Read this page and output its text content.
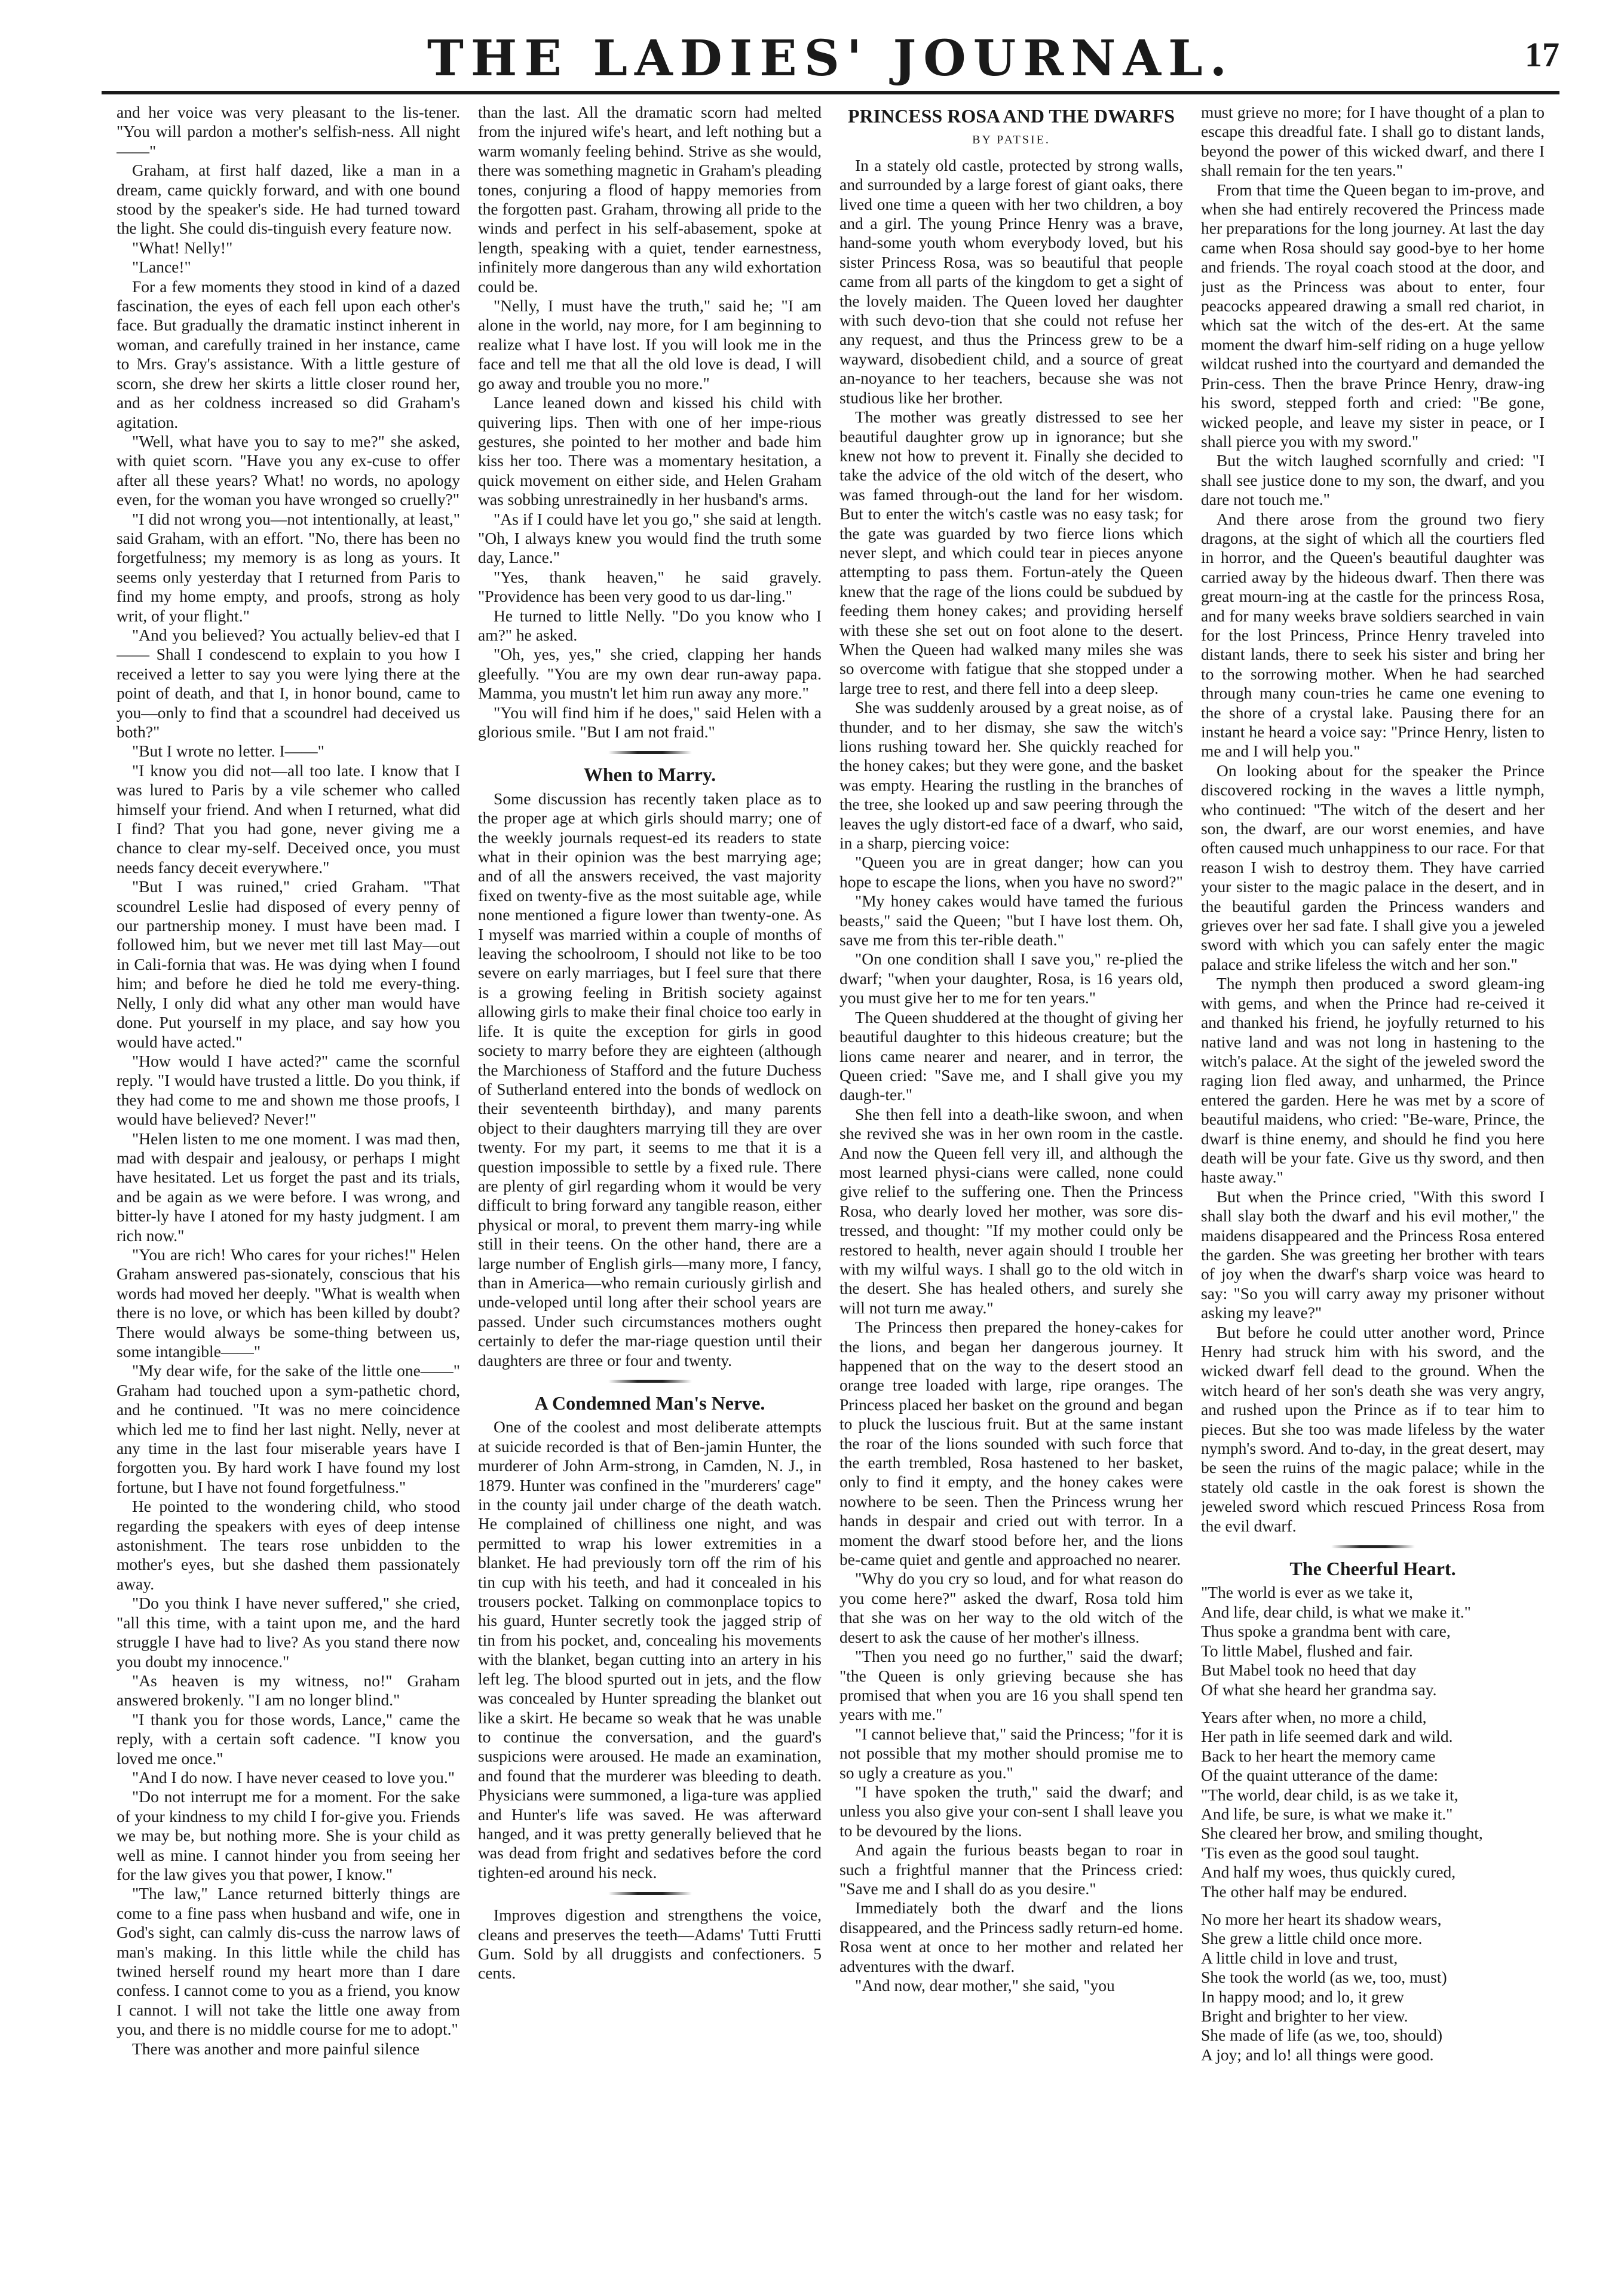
THE LADIES' JOURNAL.	17

and her voice was very pleasant to the lis-tener. "You will pardon a mother's selfish-ness. All night——"

Graham, at first half dazed, like a man in a dream, came quickly forward, and with one bound stood by the speaker's side. He had turned toward the light. She could dis-tinguish every feature now.

"What! Nelly!"

"Lance!"

For a few moments they stood in kind of a dazed fascination, the eyes of each fell upon each other's face. But gradually the dramatic instinct inherent in woman, and carefully trained in her instance, came to Mrs. Gray's assistance. With a little gesture of scorn, she drew her skirts a little closer round her, and as her coldness increased so did Graham's agitation.

"Well, what have you to say to me?" she asked, with quiet scorn. "Have you any ex-cuse to offer after all these years? What! no words, no apology even, for the woman you have wronged so cruelly?"

"I did not wrong you—not intentionally, at least," said Graham, with an effort. "No, there has been no forgetfulness; my memory is as long as yours. It seems only yesterday that I returned from Paris to find my home empty, and proofs, strong as holy writ, of your flight."

"And you believed? You actually believ-ed that I—— Shall I condescend to explain to you how I received a letter to say you were lying there at the point of death, and that I, in honor bound, came to you—only to find that a scoundrel had deceived us both?"

"But I wrote no letter. I——"

"I know you did not—all too late. I know that I was lured to Paris by a vile schemer who called himself your friend. And when I returned, what did I find? That you had gone, never giving me a chance to clear my-self. Deceived once, you must needs fancy deceit everywhere."

"But I was ruined," cried Graham. "That scoundrel Leslie had disposed of every penny of our partnership money. I must have been mad. I followed him, but we never met till last May—out in Cali-fornia that was. He was dying when I found him; and before he died he told me every-thing. Nelly, I only did what any other man would have done. Put yourself in my place, and say how you would have acted."

"How would I have acted?" came the scornful reply. "I would have trusted a little. Do you think, if they had come to me and shown me those proofs, I would have believed? Never!"

"Helen listen to me one moment. I was mad then, mad with despair and jealousy, or perhaps I might have hesitated. Let us forget the past and its trials, and be again as we were before. I was wrong, and bitter-ly have I atoned for my hasty judgment. I am rich now."

"You are rich! Who cares for your riches!" Helen Graham answered pas-sionately, conscious that his words had moved her deeply. "What is wealth when there is no love, or which has been killed by doubt? There would always be some-thing between us, some intangible——"

"My dear wife, for the sake of the little one——" Graham had touched upon a sym-pathetic chord, and he continued. "It was no mere coincidence which led me to find her last night. Nelly, never at any time in the last four miserable years have I forgotten you. By hard work I have found my lost fortune, but I have not found forgetfulness."

He pointed to the wondering child, who stood regarding the speakers with eyes of deep intense astonishment. The tears rose unbidden to the mother's eyes, but she dashed them passionately away.

"Do you think I have never suffered," she cried, "all this time, with a taint upon me, and the hard struggle I have had to live? As you stand there now you doubt my innocence."

"As heaven is my witness, no!" Graham answered brokenly. "I am no longer blind."

"I thank you for those words, Lance," came the reply, with a certain soft cadence. "I know you loved me once."

"And I do now. I have never ceased to love you."

"Do not interrupt me for a moment. For the sake of your kindness to my child I for-give you. Friends we may be, but nothing more. She is your child as well as mine. I cannot hinder you from seeing her for the law gives you that power, I know."

"The law," Lance returned bitterly things are come to a fine pass when husband and wife, one in God's sight, can calmly dis-cuss the narrow laws of man's making. In this little while the child has twined herself round my heart more than I dare confess. I cannot come to you as a friend, you know I cannot. I will not take the little one away from you, and there is no middle course for me to adopt."

There was another and more painful silence

than the last. All the dramatic scorn had melted from the injured wife's heart, and left nothing but a warm womanly feeling behind. Strive as she would, there was something magnetic in Graham's pleading tones, conjuring a flood of happy memories from the forgotten past. Graham, throwing all pride to the winds and perfect in his self-abasement, spoke at length, speaking with a quiet, tender earnestness, infinitely more dangerous than any wild exhortation could be.

"Nelly, I must have the truth," said he; "I am alone in the world, nay more, for I am beginning to realize what I have lost. If you will look me in the face and tell me that all the old love is dead, I will go away and trouble you no more."

Lance leaned down and kissed his child with quivering lips. Then with one of her impe-rious gestures, she pointed to her mother and bade him kiss her too. There was a momentary hesitation, a quick movement on either side, and Helen Graham was sobbing unrestrainedly in her husband's arms.

"As if I could have let you go," she said at length. "Oh, I always knew you would find the truth some day, Lance."

"Yes, thank heaven," he said gravely. "Providence has been very good to us dar-ling."

He turned to little Nelly. "Do you know who I am?" he asked.

"Oh, yes, yes," she cried, clapping her hands gleefully. "You are my own dear run-away papa. Mamma, you mustn't let him run away any more."

"You will find him if he does," said Helen with a glorious smile. "But I am not fraid."

When to Marry.

Some discussion has recently taken place as to the proper age at which girls should marry; one of the weekly journals request-ed its readers to state what in their opinion was the best marrying age; and of all the answers received, the vast majority fixed on twenty-five as the most suitable age, while none mentioned a figure lower than twenty-one. As I myself was married within a couple of months of leaving the schoolroom, I should not like to be too severe on early marriages, but I feel sure that there is a growing feeling in British society against allowing girls to make their final choice too early in life. It is quite the exception for girls in good society to marry before they are eighteen (although the Marchioness of Stafford and the future Duchess of Sutherland entered into the bonds of wedlock on their seventeenth birthday), and many parents object to their daughters marrying till they are over twenty. For my part, it seems to me that it is a question impossible to settle by a fixed rule. There are plenty of girl regarding whom it would be very difficult to bring forward any tangible reason, either physical or moral, to prevent them marry-ing while still in their teens. On the other hand, there are a large number of English girls—many more, I fancy, than in America—who remain curiously girlish and unde-veloped until long after their school years are passed. Under such circumstances mothers ought certainly to defer the mar-riage question until their daughters are three or four and twenty.

A Condemned Man's Nerve.

One of the coolest and most deliberate attempts at suicide recorded is that of Ben-jamin Hunter, the murderer of John Arm-strong, in Camden, N. J., in 1879. Hunter was confined in the "murderers' cage" in the county jail under charge of the death watch. He complained of chilliness one night, and was permitted to wrap his lower extremities in a blanket. He had previously torn off the rim of his tin cup with his teeth, and had it concealed in his trousers pocket. Talking on commonplace topics to his guard, Hunter secretly took the jagged strip of tin from his pocket, and, concealing his movements with the blanket, began cutting into an artery in his left leg. The blood spurted out in jets, and the flow was concealed by Hunter spreading the blanket out like a skirt. He became so weak that he was unable to continue the conversation, and the guard's suspicions were aroused. He made an examination, and found that the murderer was bleeding to death. Physicians were summoned, a liga-ture was applied and Hunter's life was saved. He was afterward hanged, and it was pretty generally believed that he was dead from fright and sedatives before the cord tighten-ed around his neck.

Improves digestion and strengthens the voice, cleans and preserves the teeth—Adams' Tutti Frutti Gum. Sold by all druggists and confectioners. 5 cents.

PRINCESS ROSA AND THE DWARFS
BY PATSIE.

In a stately old castle, protected by strong walls, and surrounded by a large forest of giant oaks, there lived one time a queen with her two children, a boy and a girl. The young Prince Henry was a brave, hand-some youth whom everybody loved, but his sister Princess Rosa, was so beautiful that people came from all parts of the kingdom to get a sight of the lovely maiden. The Queen loved her daughter with such devo-tion that she could not refuse her any request, and thus the Princess grew to be a wayward, disobedient child, and a source of great an-noyance to her teachers, because she was not studious like her brother.

The mother was greatly distressed to see her beautiful daughter grow up in ignorance; but she knew not how to prevent it. Finally she decided to take the advice of the old witch of the desert, who was famed through-out the land for her wisdom. But to enter the witch's castle was no easy task; for the gate was guarded by two fierce lions which never slept, and which could tear in pieces anyone attempting to pass them. Fortun-ately the Queen knew that the rage of the lions could be subdued by feeding them honey cakes; and providing herself with these she set out on foot alone to the desert. When the Queen had walked many miles she was so overcome with fatigue that she stopped under a large tree to rest, and there fell into a deep sleep.

She was suddenly aroused by a great noise, as of thunder, and to her dismay, she saw the witch's lions rushing toward her. She quickly reached for the honey cakes; but they were gone, and the basket was empty. Hearing the rustling in the branches of the tree, she looked up and saw peering through the leaves the ugly distort-ed face of a dwarf, who said, in a sharp, piercing voice:

"Queen you are in great danger; how can you hope to escape the lions, when you have no sword?"

"My honey cakes would have tamed the furious beasts," said the Queen; "but I have lost them. Oh, save me from this ter-rible death."

"On one condition shall I save you," re-plied the dwarf; "when your daughter, Rosa, is 16 years old, you must give her to me for ten years."

The Queen shuddered at the thought of giving her beautiful daughter to this hideous creature; but the lions came nearer and nearer, and in terror, the Queen cried: "Save me, and I shall give you my daugh-ter."

She then fell into a death-like swoon, and when she revived she was in her own room in the castle. And now the Queen fell very ill, and although the most learned physi-cians were called, none could give relief to the suffering one. Then the Princess Rosa, who dearly loved her mother, was sore dis-tressed, and thought: "If my mother could only be restored to health, never again should I trouble her with my wilful ways. I shall go to the old witch in the desert. She has healed others, and surely she will not turn me away."

The Princess then prepared the honey-cakes for the lions, and began her dangerous journey. It happened that on the way to the desert stood an orange tree loaded with large, ripe oranges. The Princess placed her basket on the ground and began to pluck the luscious fruit. But at the same instant the roar of the lions sounded with such force that the earth trembled, Rosa hastened to her basket, only to find it empty, and the honey cakes were nowhere to be seen. Then the Princess wrung her hands in despair and cried out with terror. In a moment the dwarf stood before her, and the lions be-came quiet and gentle and approached no nearer.

"Why do you cry so loud, and for what reason do you come here?" asked the dwarf, Rosa told him that she was on her way to the old witch of the desert to ask the cause of her mother's illness.

"Then you need go no further," said the dwarf; "the Queen is only grieving because she has promised that when you are 16 you shall spend ten years with me."

"I cannot believe that," said the Princess; "for it is not possible that my mother should promise me to so ugly a creature as you."

"I have spoken the truth," said the dwarf; and unless you also give your con-sent I shall leave you to be devoured by the lions.

And again the furious beasts began to roar in such a frightful manner that the Princess cried: "Save me and I shall do as you desire."

Immediately both the dwarf and the lions disappeared, and the Princess sadly return-ed home. Rosa went at once to her mother and related her adventures with the dwarf.

"And now, dear mother," she said, "you

must grieve no more; for I have thought of a plan to escape this dreadful fate. I shall go to distant lands, beyond the power of this wicked dwarf, and there I shall remain for the ten years."

From that time the Queen began to im-prove, and when she had entirely recovered the Princess made her preparations for the long journey. At last the day came when Rosa should say good-bye to her home and friends. The royal coach stood at the door, and just as the Princess was about to enter, four peacocks appeared drawing a small red chariot, in which sat the witch of the des-ert. At the same moment the dwarf him-self riding on a huge yellow wildcat rushed into the courtyard and demanded the Prin-cess. Then the brave Prince Henry, draw-ing his sword, stepped forth and cried: "Be gone, wicked people, and leave my sister in peace, or I shall pierce you with my sword."

But the witch laughed scornfully and cried: "I shall see justice done to my son, the dwarf, and you dare not touch me."

And there arose from the ground two fiery dragons, at the sight of which all the courtiers fled in horror, and the Queen's beautiful daughter was carried away by the hideous dwarf. Then there was great mourn-ing at the castle for the princess Rosa, and for many weeks brave soldiers searched in vain for the lost Princess, Prince Henry traveled into distant lands, there to seek his sister and bring her to the sorrowing mother. When he had searched through many coun-tries he came one evening to the shore of a crystal lake. Pausing there for an instant he heard a voice say: "Prince Henry, listen to me and I will help you."

On looking about for the speaker the Prince discovered rocking in the waves a little nymph, who continued: "The witch of the desert and her son, the dwarf, are our worst enemies, and have often caused much unhappiness to our race. For that reason I wish to destroy them. They have carried your sister to the magic palace in the desert, and in the beautiful garden the Princess wanders and grieves over her sad fate. I shall give you a jeweled sword with which you can safely enter the magic palace and strike lifeless the witch and her son."

The nymph then produced a sword gleam-ing with gems, and when the Prince had re-ceived it and thanked his friend, he joyfully returned to his native land and was not long in hastening to the witch's palace. At the sight of the jeweled sword the raging lion fled away, and unharmed, the Prince entered the garden. Here he was met by a score of beautiful maidens, who cried: "Be-ware, Prince, the dwarf is thine enemy, and should he find you here death will be your fate. Give us thy sword, and then haste away."

But when the Prince cried, "With this sword I shall slay both the dwarf and his evil mother," the maidens disappeared and the Princess Rosa entered the garden. She was greeting her brother with tears of joy when the dwarf's sharp voice was heard to say: "So you will carry away my prisoner without asking my leave?"

But before he could utter another word, Prince Henry had struck him with his sword, and the wicked dwarf fell dead to the ground. When the witch heard of her son's death she was very angry, and rushed upon the Prince as if to tear him to pieces. But she too was made lifeless by the water nymph's sword. And to-day, in the great desert, may be seen the ruins of the magic palace; while in the stately old castle in the oak forest is shown the jeweled sword which rescued Princess Rosa from the evil dwarf.

The Cheerful Heart.
"The world is ever as we take it,
And life, dear child, is what we make it."
Thus spoke a grandma bent with care,
To little Mabel, flushed and fair.
But Mabel took no heed that day
Of what she heard her grandma say.
Years after when, no more a child,
Her path in life seemed dark and wild.
Back to her heart the memory came
Of the quaint utterance of the dame:
"The world, dear child, is as we take it,
And life, be sure, is what we make it."
She cleared her brow, and smiling thought,
'Tis even as the good soul taught.
And half my woes, thus quickly cured,
The other half may be endured.
No more her heart its shadow wears,
She grew a little child once more.
A little child in love and trust,
She took the world (as we, too, must)
In happy mood; and lo, it grew
Bright and brighter to her view.
She made of life (as we, too, should)
A joy; and lo! all things were good.
